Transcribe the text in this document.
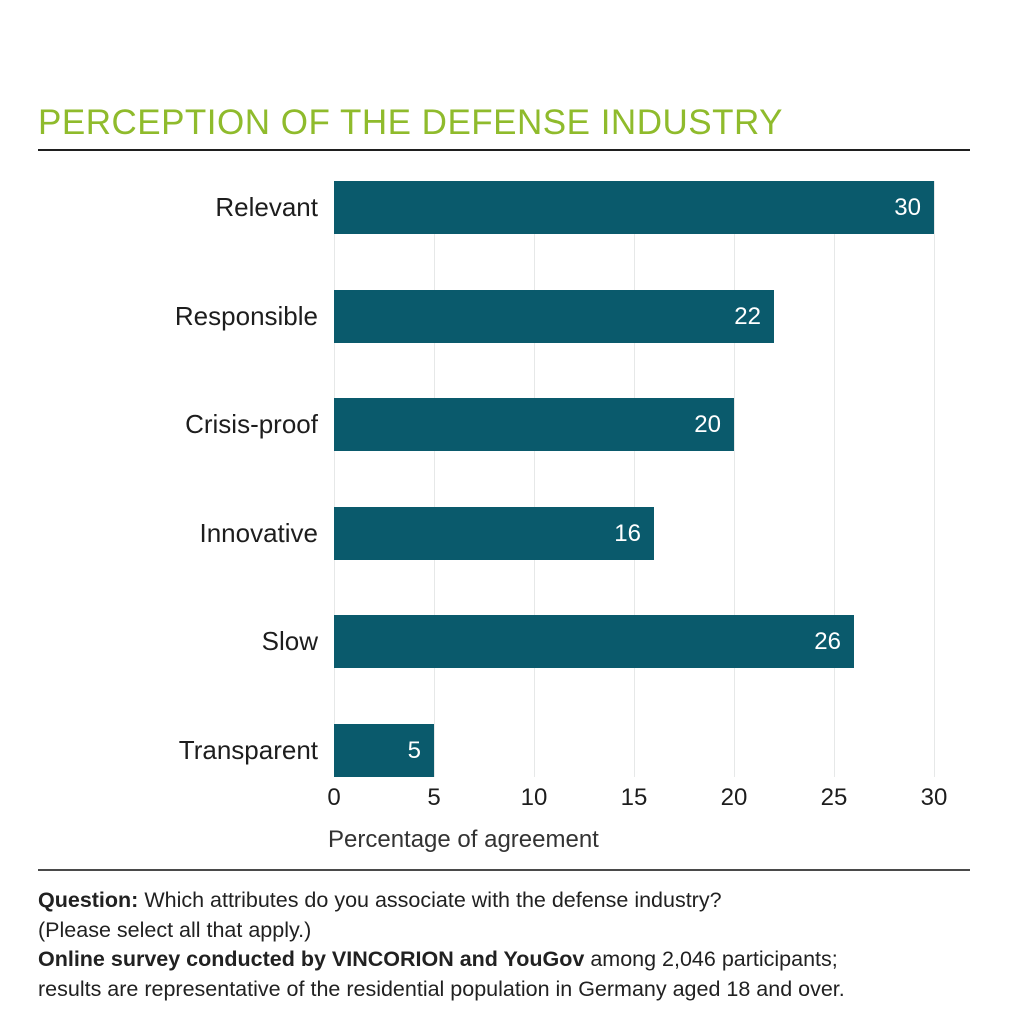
PERCEPTION OF THE DEFENSE INDUSTRY
Relevant	30
Responsible	22
Crisis-proof	20
Innovative	16
Slow	26
Transparent	5
0	5	10	15	20	25	30
Percentage of agreement
Question: Which attributes do you associate with the defense industry?
(Please select all that apply.)
Online survey conducted by VINCORION and YouGov among 2,046 participants;
results are representative of the residential population in Germany aged 18 and over.
